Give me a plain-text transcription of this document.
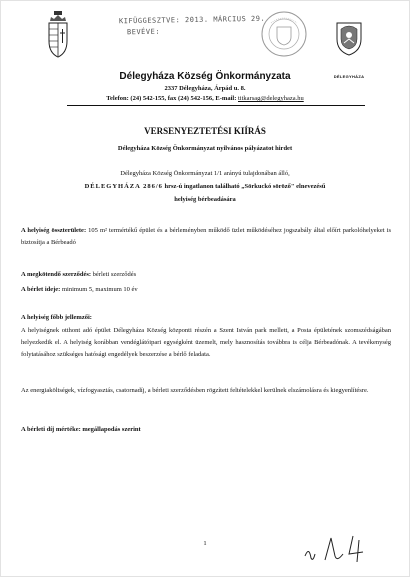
KIFÜGGESZTVE: 2013. MÁRCIUS 29.
BEVÉVE:
DÉLEGYHÁZA
Délegyháza Község Önkormányzata
2337 Délegyháza, Árpád u. 8.
Telefon: (24) 542-155, fax (24) 542-156, E-mail: titkarsag@delegyhaza.hu
VERSENYEZTETÉSI KIÍRÁS
Délegyháza Község Önkormányzat nyilvános pályázatot hirdet
Délegyháza Község Önkormányzat 1/1 arányú tulajdonában álló,
DÉLEGYHÁZA 286/6 hrsz-ú ingatlanon található „Sörkuckó söröző" elnevezésű
helyiség bérbeadására
A helyiség összterülete: 105 m² termértékű épület és a bérleményben működő üzlet működéséhez jogszabály által előírt parkolóhelyeket is biztosítja a Bérbeadó
A megkötendő szerződés: bérleti szerződés
A bérlet ideje: minimum 5, maximum 10 év
A helyiség főbb jellemzői:
A helyiségnek otthont adó épület Délegyháza Község központi részén a Szent István park mellett, a Posta épületének szomszédságában helyezkedik el. A helyiség korábban vendéglátóipari egységként üzemelt, mely hasznosítás továbbra is célja Bérbeadónak. A tevékenység folytatásához szükséges hatósági engedélyek beszerzése a bérlő feladata.
Az energiaköltségek, vízfogyasztás, csatornadíj, a bérleti szerződésben rögzített feltételekkel kerülnek elszámolásra és kiegyenlítésre.
A bérleti díj mértéke: megállapodás szerint
1
